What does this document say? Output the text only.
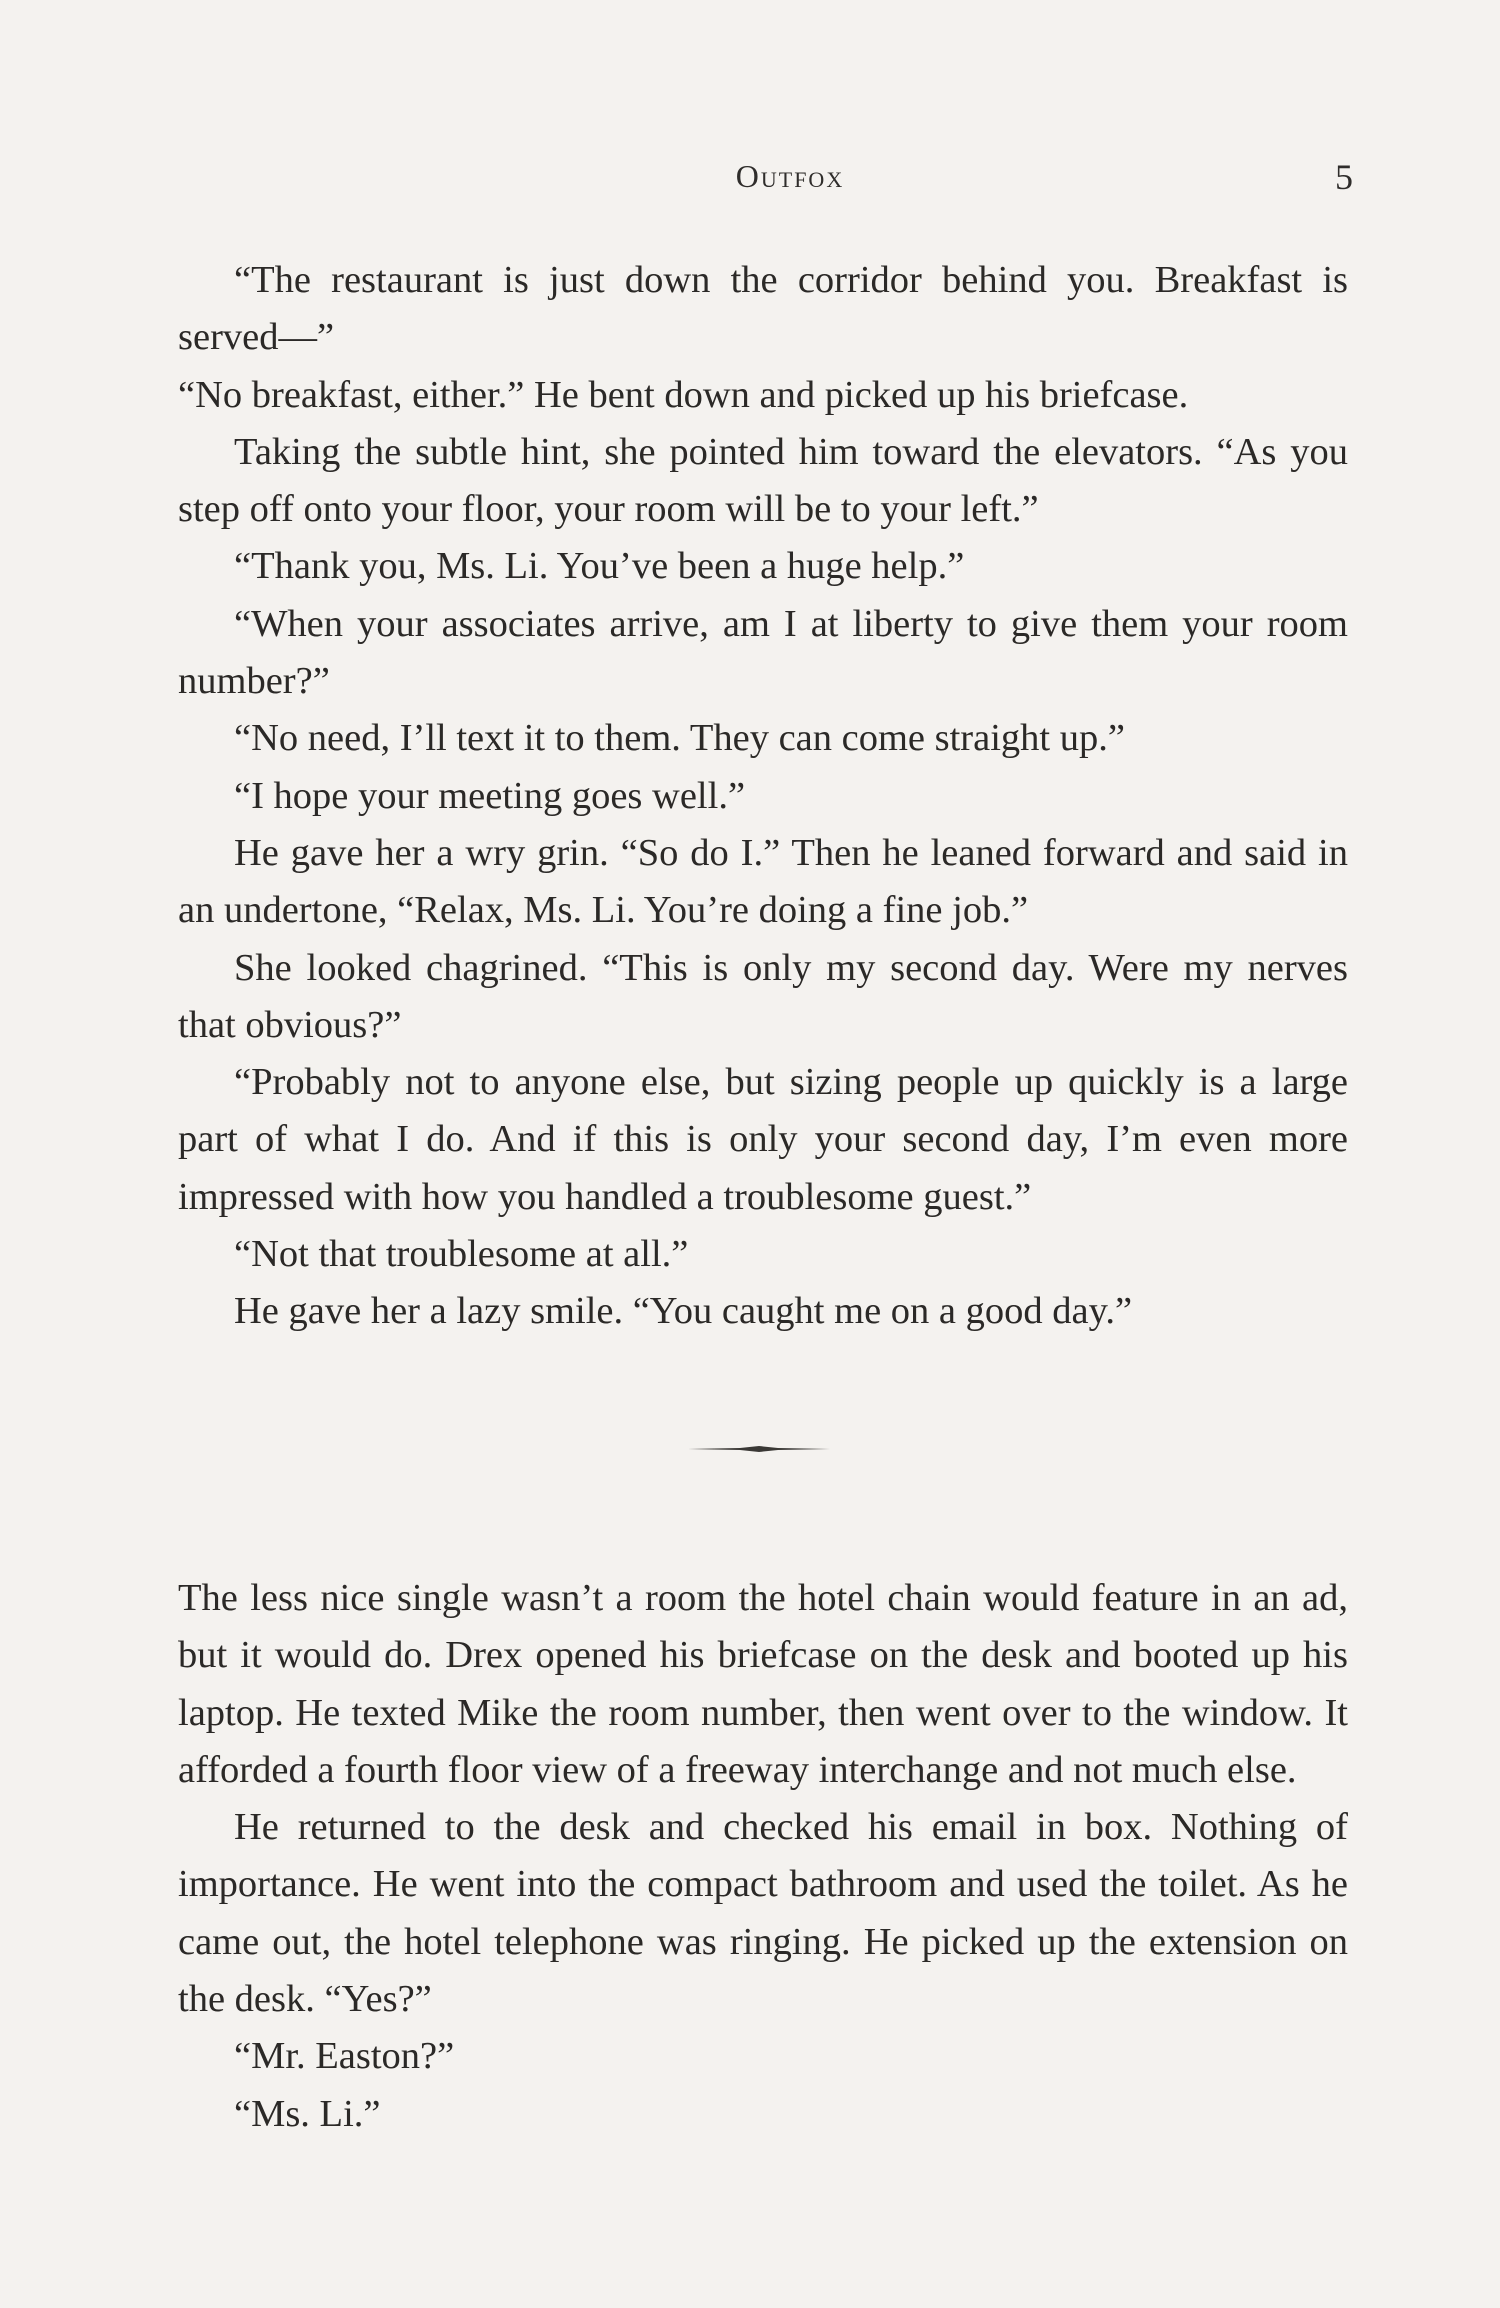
Outfox	5

“The restaurant is just down the corridor behind you. Breakfast is served—”

“No breakfast, either.” He bent down and picked up his briefcase.

Taking the subtle hint, she pointed him toward the elevators. “As you step off onto your floor, your room will be to your left.”

“Thank you, Ms. Li. You’ve been a huge help.”

“When your associates arrive, am I at liberty to give them your room number?”

“No need, I’ll text it to them. They can come straight up.”

“I hope your meeting goes well.”

He gave her a wry grin. “So do I.” Then he leaned forward and said in an undertone, “Relax, Ms. Li. You’re doing a fine job.”

She looked chagrined. “This is only my second day. Were my nerves that obvious?”

“Probably not to anyone else, but sizing people up quickly is a large part of what I do. And if this is only your second day, I’m even more impressed with how you handled a troublesome guest.”

“Not that troublesome at all.”

He gave her a lazy smile. “You caught me on a good day.”

The less nice single wasn’t a room the hotel chain would feature in an ad, but it would do. Drex opened his briefcase on the desk and booted up his laptop. He texted Mike the room number, then went over to the window. It afforded a fourth floor view of a freeway interchange and not much else.

He returned to the desk and checked his email in box. Nothing of importance. He went into the compact bathroom and used the toilet. As he came out, the hotel telephone was ringing. He picked up the extension on the desk. “Yes?”

“Mr. Easton?”

“Ms. Li.”
